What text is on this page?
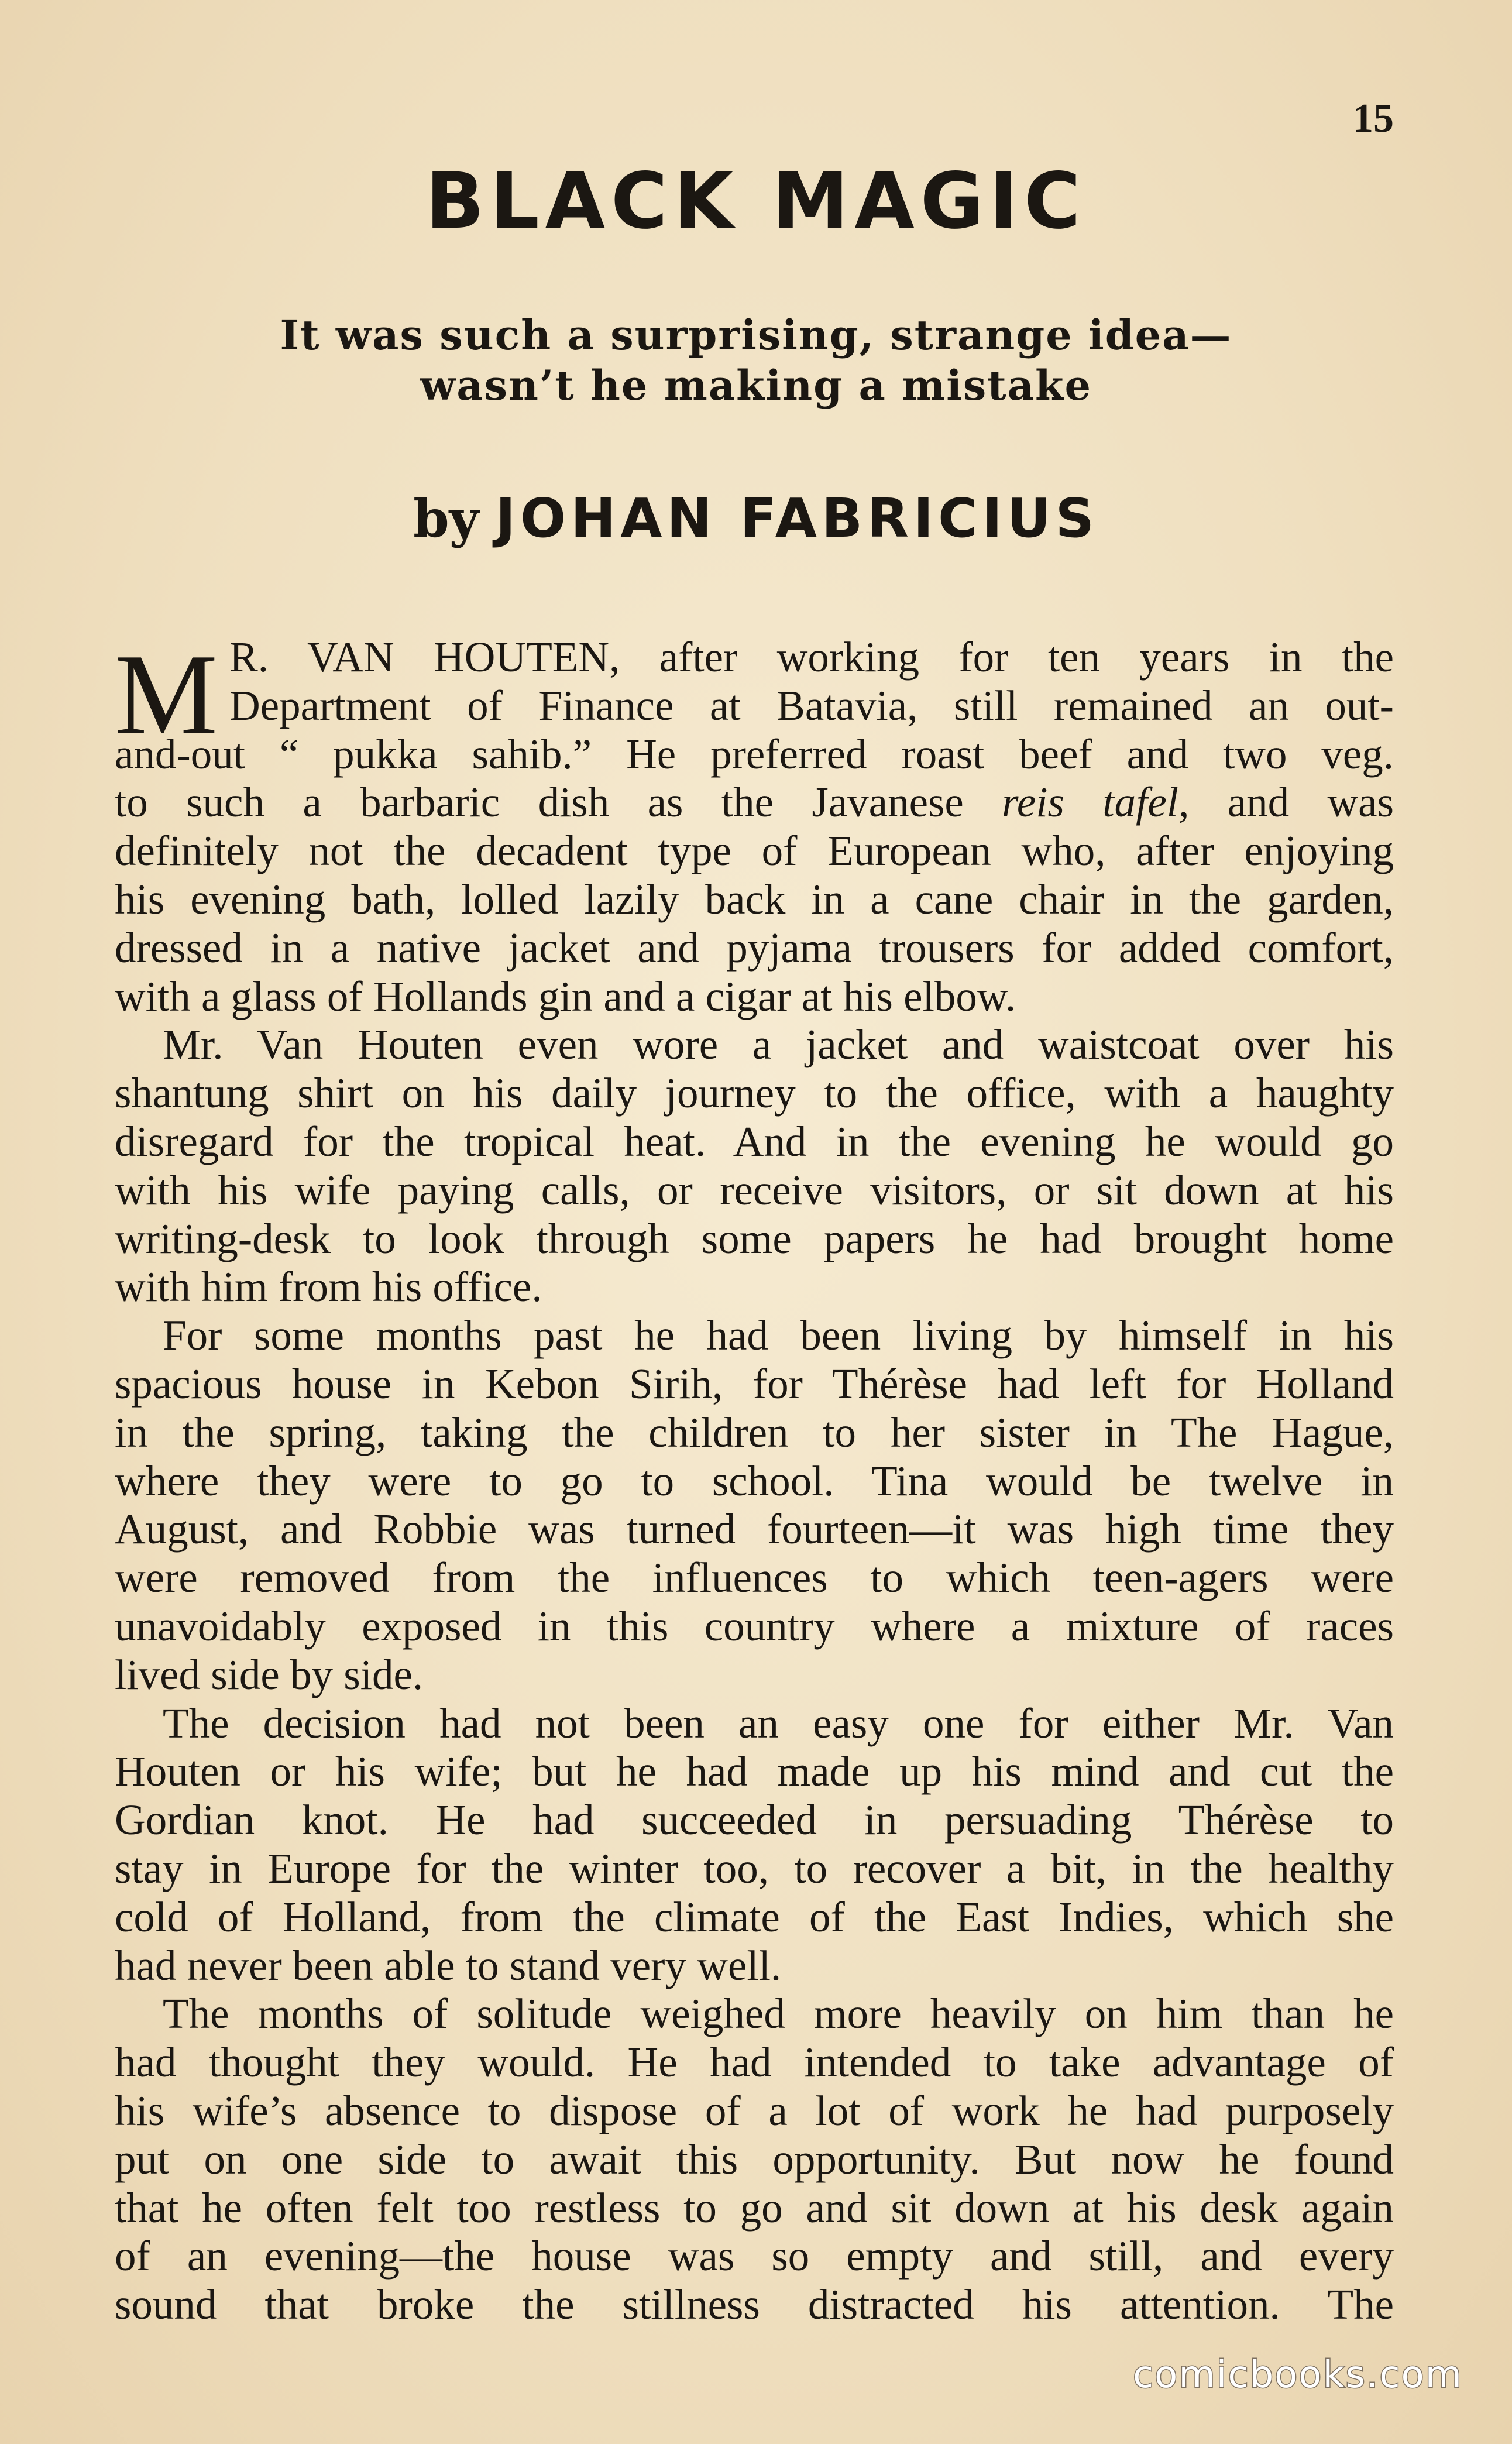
15
BLACK MAGIC
It was such a surprising, strange idea—
wasn’t he making a mistake
by JOHAN FABRICIUS
M R. VAN HOUTEN, after working for ten years in the
Department of Finance at Batavia, still remained an out-
and-out “ pukka sahib.” He preferred roast beef and two veg.
to such a barbaric dish as the Javanese reis tafel, and was
definitely not the decadent type of European who, after enjoying
his evening bath, lolled lazily back in a cane chair in the garden,
dressed in a native jacket and pyjama trousers for added comfort,
with a glass of Hollands gin and a cigar at his elbow.
Mr. Van Houten even wore a jacket and waistcoat over his
shantung shirt on his daily journey to the office, with a haughty
disregard for the tropical heat. And in the evening he would go
with his wife paying calls, or receive visitors, or sit down at his
writing-desk to look through some papers he had brought home
with him from his office.
For some months past he had been living by himself in his
spacious house in Kebon Sirih, for Thérèse had left for Holland
in the spring, taking the children to her sister in The Hague,
where they were to go to school. Tina would be twelve in
August, and Robbie was turned fourteen—it was high time they
were removed from the influences to which teen-agers were
unavoidably exposed in this country where a mixture of races
lived side by side.
The decision had not been an easy one for either Mr. Van
Houten or his wife; but he had made up his mind and cut the
Gordian knot. He had succeeded in persuading Thérèse to
stay in Europe for the winter too, to recover a bit, in the healthy
cold of Holland, from the climate of the East Indies, which she
had never been able to stand very well.
The months of solitude weighed more heavily on him than he
had thought they would. He had intended to take advantage of
his wife’s absence to dispose of a lot of work he had purposely
put on one side to await this opportunity. But now he found
that he often felt too restless to go and sit down at his desk again
of an evening—the house was so empty and still, and every
sound that broke the stillness distracted his attention. The
comicbooks.com
